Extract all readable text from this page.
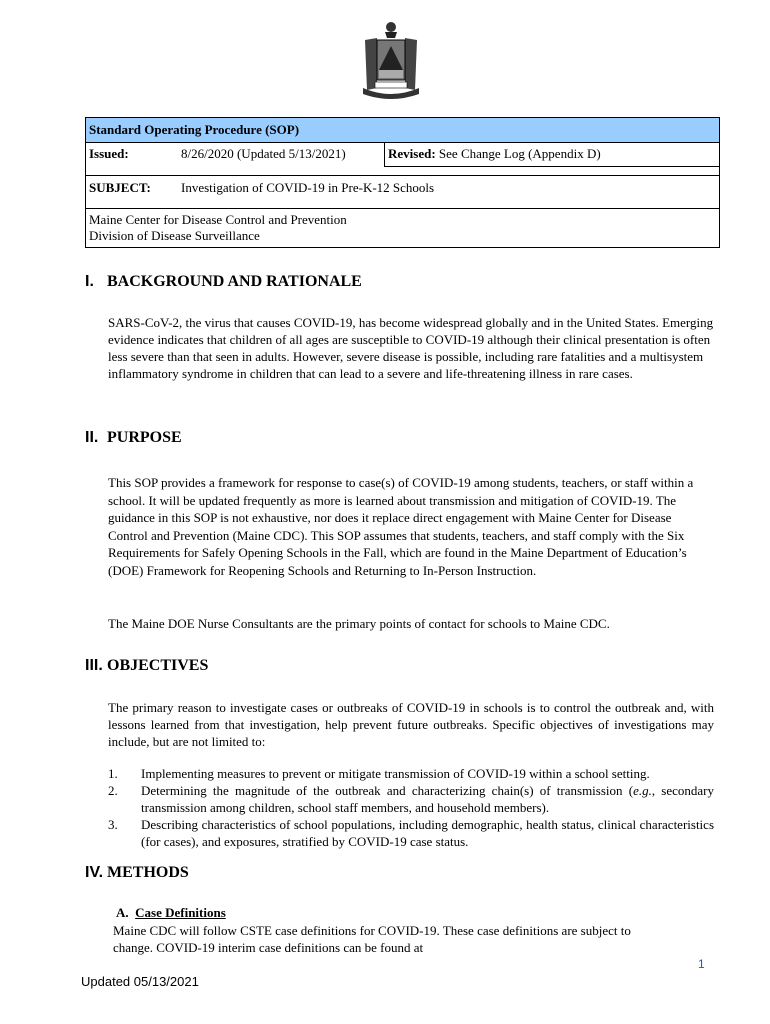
Standard Operating Procedure (SOP)
Issued:	8/26/2020 (Updated 5/13/2021)	Revised: See Change Log (Appendix D)
SUBJECT:	Investigation of COVID-19 in Pre-K-12 Schools
Maine Center for Disease Control and Prevention
Division of Disease Surveillance
I. BACKGROUND AND RATIONALE
SARS-CoV-2, the virus that causes COVID-19, has become widespread globally and in the United States. Emerging evidence indicates that children of all ages are susceptible to COVID-19 although their clinical presentation is often less severe than that seen in adults. However, severe disease is possible, including rare fatalities and a multisystem inflammatory syndrome in children that can lead to a severe and life-threatening illness in rare cases.
II. PURPOSE
This SOP provides a framework for response to case(s) of COVID-19 among students, teachers, or staff within a school. It will be updated frequently as more is learned about transmission and mitigation of COVID-19. The guidance in this SOP is not exhaustive, nor does it replace direct engagement with Maine Center for Disease Control and Prevention (Maine CDC). This SOP assumes that students, teachers, and staff comply with the Six Requirements for Safely Opening Schools in the Fall, which are found in the Maine Department of Education’s (DOE) Framework for Reopening Schools and Returning to In-Person Instruction.
The Maine DOE Nurse Consultants are the primary points of contact for schools to Maine CDC.
III. OBJECTIVES
The primary reason to investigate cases or outbreaks of COVID-19 in schools is to control the outbreak and, with lessons learned from that investigation, help prevent future outbreaks. Specific objectives of investigations may include, but are not limited to:
1.	Implementing measures to prevent or mitigate transmission of COVID-19 within a school setting.
2.	Determining the magnitude of the outbreak and characterizing chain(s) of transmission (e.g., secondary transmission among children, school staff members, and household members).
3.	Describing characteristics of school populations, including demographic, health status, clinical characteristics (for cases), and exposures, stratified by COVID-19 case status.
IV. METHODS
A. Case Definitions
Maine CDC will follow CSTE case definitions for COVID-19. These case definitions are subject to change. COVID-19 interim case definitions can be found at
1
Updated 05/13/2021
